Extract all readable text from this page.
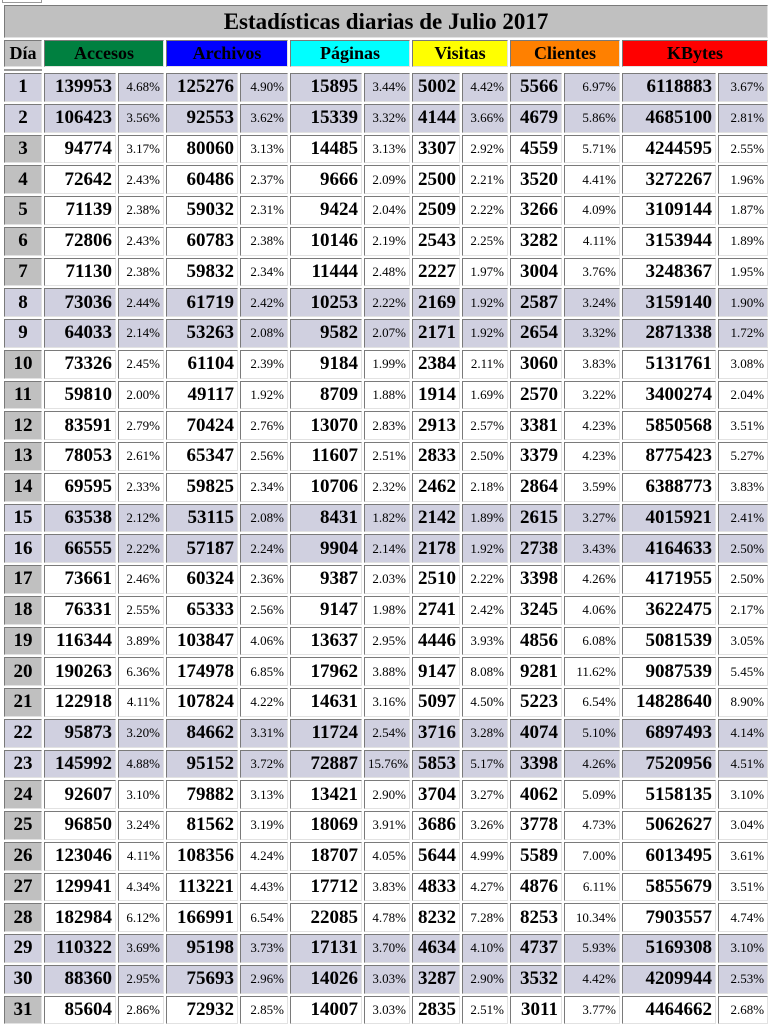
Estadísticas diarias de Julio 2017												
Día	Accesos		Archivos		Páginas		Visitas		Clientes		KBytes	

1	139953	4.68%	125276	4.90%	15895	3.44%	5002	4.42%	5566	6.97%	6118883	3.67%
2	106423	3.56%	92553	3.62%	15339	3.32%	4144	3.66%	4679	5.86%	4685100	2.81%
3	94774	3.17%	80060	3.13%	14485	3.13%	3307	2.92%	4559	5.71%	4244595	2.55%
4	72642	2.43%	60486	2.37%	9666	2.09%	2500	2.21%	3520	4.41%	3272267	1.96%
5	71139	2.38%	59032	2.31%	9424	2.04%	2509	2.22%	3266	4.09%	3109144	1.87%
6	72806	2.43%	60783	2.38%	10146	2.19%	2543	2.25%	3282	4.11%	3153944	1.89%
7	71130	2.38%	59832	2.34%	11444	2.48%	2227	1.97%	3004	3.76%	3248367	1.95%
8	73036	2.44%	61719	2.42%	10253	2.22%	2169	1.92%	2587	3.24%	3159140	1.90%
9	64033	2.14%	53263	2.08%	9582	2.07%	2171	1.92%	2654	3.32%	2871338	1.72%
10	73326	2.45%	61104	2.39%	9184	1.99%	2384	2.11%	3060	3.83%	5131761	3.08%
11	59810	2.00%	49117	1.92%	8709	1.88%	1914	1.69%	2570	3.22%	3400274	2.04%
12	83591	2.79%	70424	2.76%	13070	2.83%	2913	2.57%	3381	4.23%	5850568	3.51%
13	78053	2.61%	65347	2.56%	11607	2.51%	2833	2.50%	3379	4.23%	8775423	5.27%
14	69595	2.33%	59825	2.34%	10706	2.32%	2462	2.18%	2864	3.59%	6388773	3.83%
15	63538	2.12%	53115	2.08%	8431	1.82%	2142	1.89%	2615	3.27%	4015921	2.41%
16	66555	2.22%	57187	2.24%	9904	2.14%	2178	1.92%	2738	3.43%	4164633	2.50%
17	73661	2.46%	60324	2.36%	9387	2.03%	2510	2.22%	3398	4.26%	4171955	2.50%
18	76331	2.55%	65333	2.56%	9147	1.98%	2741	2.42%	3245	4.06%	3622475	2.17%
19	116344	3.89%	103847	4.06%	13637	2.95%	4446	3.93%	4856	6.08%	5081539	3.05%
20	190263	6.36%	174978	6.85%	17962	3.88%	9147	8.08%	9281	11.62%	9087539	5.45%
21	122918	4.11%	107824	4.22%	14631	3.16%	5097	4.50%	5223	6.54%	14828640	8.90%
22	95873	3.20%	84662	3.31%	11724	2.54%	3716	3.28%	4074	5.10%	6897493	4.14%
23	145992	4.88%	95152	3.72%	72887	15.76%	5853	5.17%	3398	4.26%	7520956	4.51%
24	92607	3.10%	79882	3.13%	13421	2.90%	3704	3.27%	4062	5.09%	5158135	3.10%
25	96850	3.24%	81562	3.19%	18069	3.91%	3686	3.26%	3778	4.73%	5062627	3.04%
26	123046	4.11%	108356	4.24%	18707	4.05%	5644	4.99%	5589	7.00%	6013495	3.61%
27	129941	4.34%	113221	4.43%	17712	3.83%	4833	4.27%	4876	6.11%	5855679	3.51%
28	182984	6.12%	166991	6.54%	22085	4.78%	8232	7.28%	8253	10.34%	7903557	4.74%
29	110322	3.69%	95198	3.73%	17131	3.70%	4634	4.10%	4737	5.93%	5169308	3.10%
30	88360	2.95%	75693	2.96%	14026	3.03%	3287	2.90%	3532	4.42%	4209944	2.53%
31	85604	2.86%	72932	2.85%	14007	3.03%	2835	2.51%	3011	3.77%	4464662	2.68%
